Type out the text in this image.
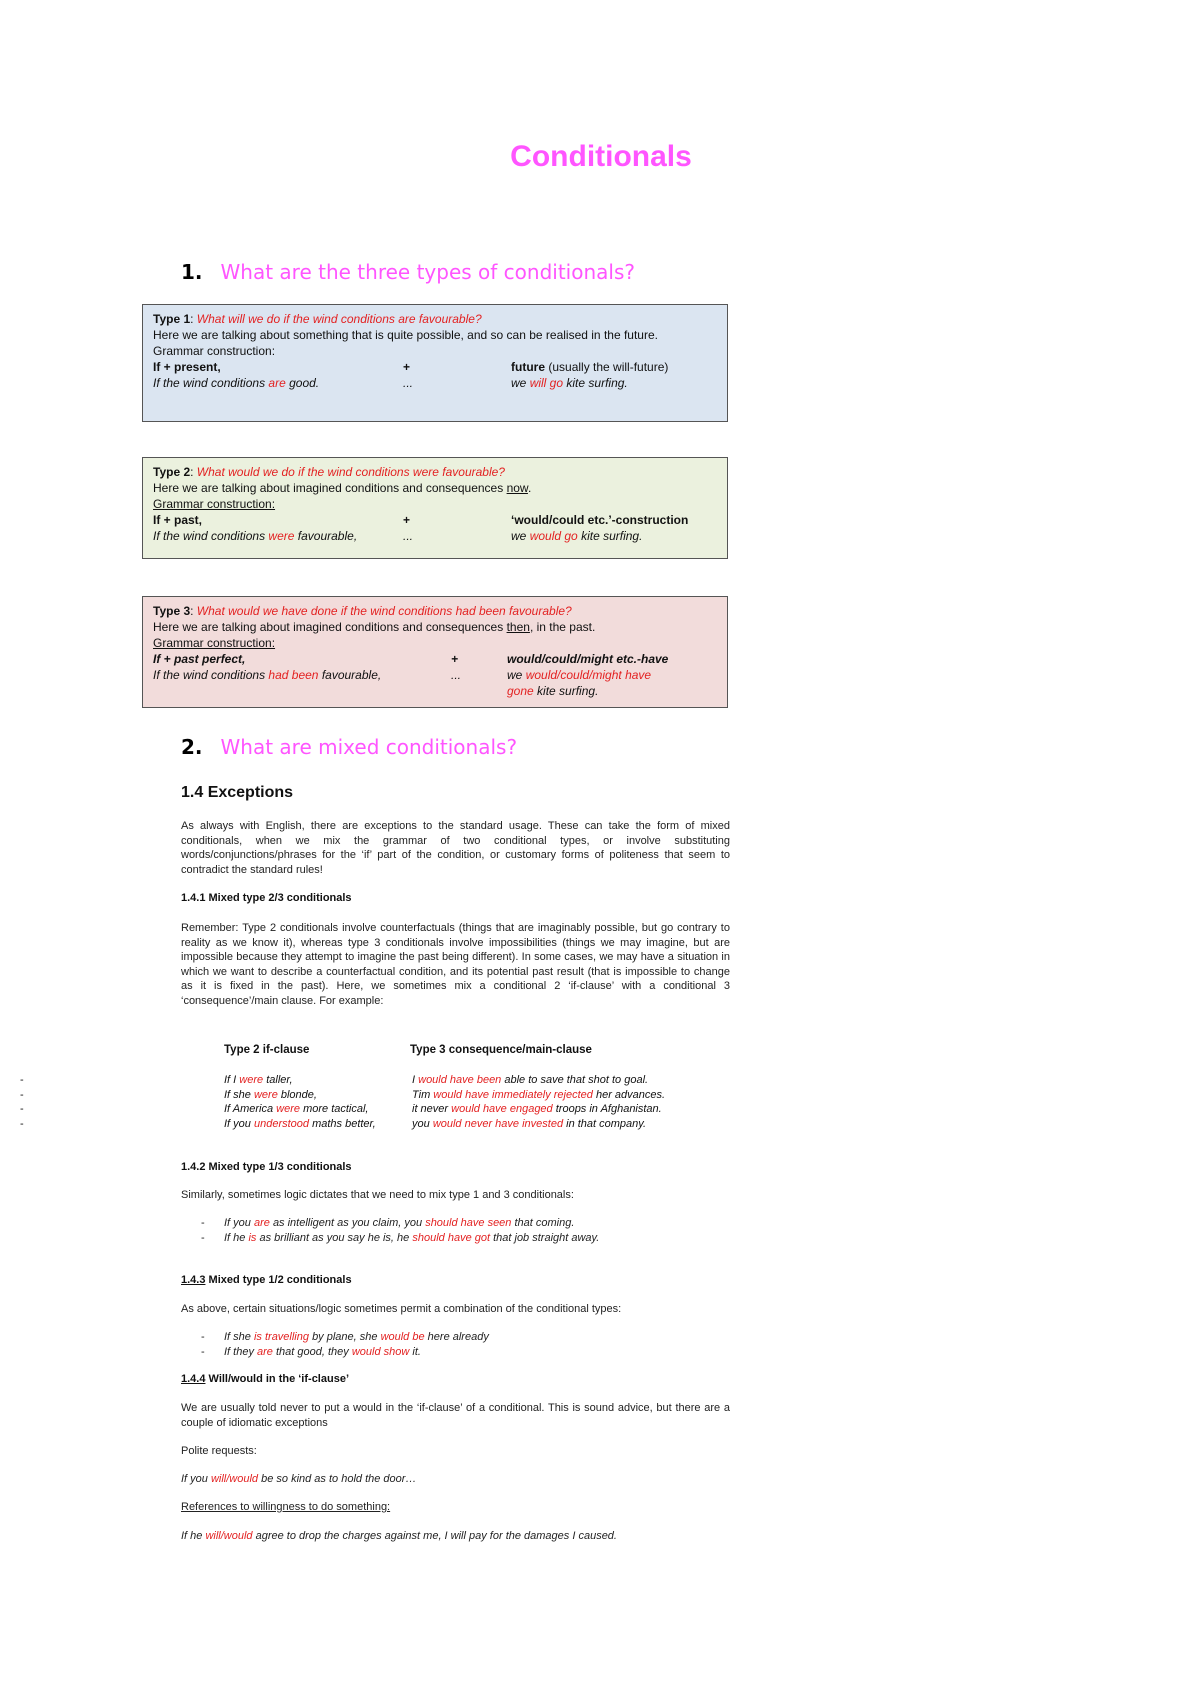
Conditionals
1. What are the three types of conditionals?
Type 1: What will we do if the wind conditions are favourable?
Here we are talking about something that is quite possible, and so can be realised in the future.
Grammar construction:
If + present,	+	future (usually the will-future)
If the wind conditions are good.	...	we will go kite surfing.
Type 2: What would we do if the wind conditions were favourable?
Here we are talking about imagined conditions and consequences now.
Grammar construction:
If + past,	+	‘would/could etc.’-construction
If the wind conditions were favourable,	...	we would go kite surfing.
Type 3: What would we have done if the wind conditions had been favourable?
Here we are talking about imagined conditions and consequences then, in the past.
Grammar construction:
If + past perfect,	+	would/could/might etc.-have
If the wind conditions had been favourable,	...	we would/could/might have
gone kite surfing.
2. What are mixed conditionals?
1.4 Exceptions
As always with English, there are exceptions to the standard usage. These can take the form of mixed conditionals, when we mix the grammar of two conditional types, or involve substituting words/conjunctions/phrases for the ‘if’ part of the condition, or customary forms of politeness that seem to contradict the standard rules!
1.4.1 Mixed type 2/3 conditionals
Remember: Type 2 conditionals involve counterfactuals (things that are imaginably possible, but go contrary to reality as we know it), whereas type 3 conditionals involve impossibilities (things we may imagine, but are impossible because they attempt to imagine the past being different). In some cases, we may have a situation in which we want to describe a counterfactual condition, and its potential past result (that is impossible to change as it is fixed in the past). Here, we sometimes mix a conditional 2 ‘if-clause’ with a conditional 3 ‘consequence’/main clause. For example:
Type 2 if-clause	Type 3 consequence/main-clause
-	If I were taller,	I would have been able to save that shot to goal.
-	If she were blonde,	Tim would have immediately rejected her advances.
-	If America were more tactical,	it never would have engaged troops in Afghanistan.
-	If you understood maths better,	you would never have invested in that company.
1.4.2 Mixed type 1/3 conditionals
Similarly, sometimes logic dictates that we need to mix type 1 and 3 conditionals:
- If you are as intelligent as you claim, you should have seen that coming.
- If he is as brilliant as you say he is, he should have got that job straight away.
1.4.3 Mixed type 1/2 conditionals
As above, certain situations/logic sometimes permit a combination of the conditional types:
- If she is travelling by plane, she would be here already
- If they are that good, they would show it.
1.4.4 Will/would in the ‘if-clause’
We are usually told never to put a would in the ‘if-clause’ of a conditional. This is sound advice, but there are a couple of idiomatic exceptions
Polite requests:
If you will/would be so kind as to hold the door…
References to willingness to do something:
If he will/would agree to drop the charges against me, I will pay for the damages I caused.
